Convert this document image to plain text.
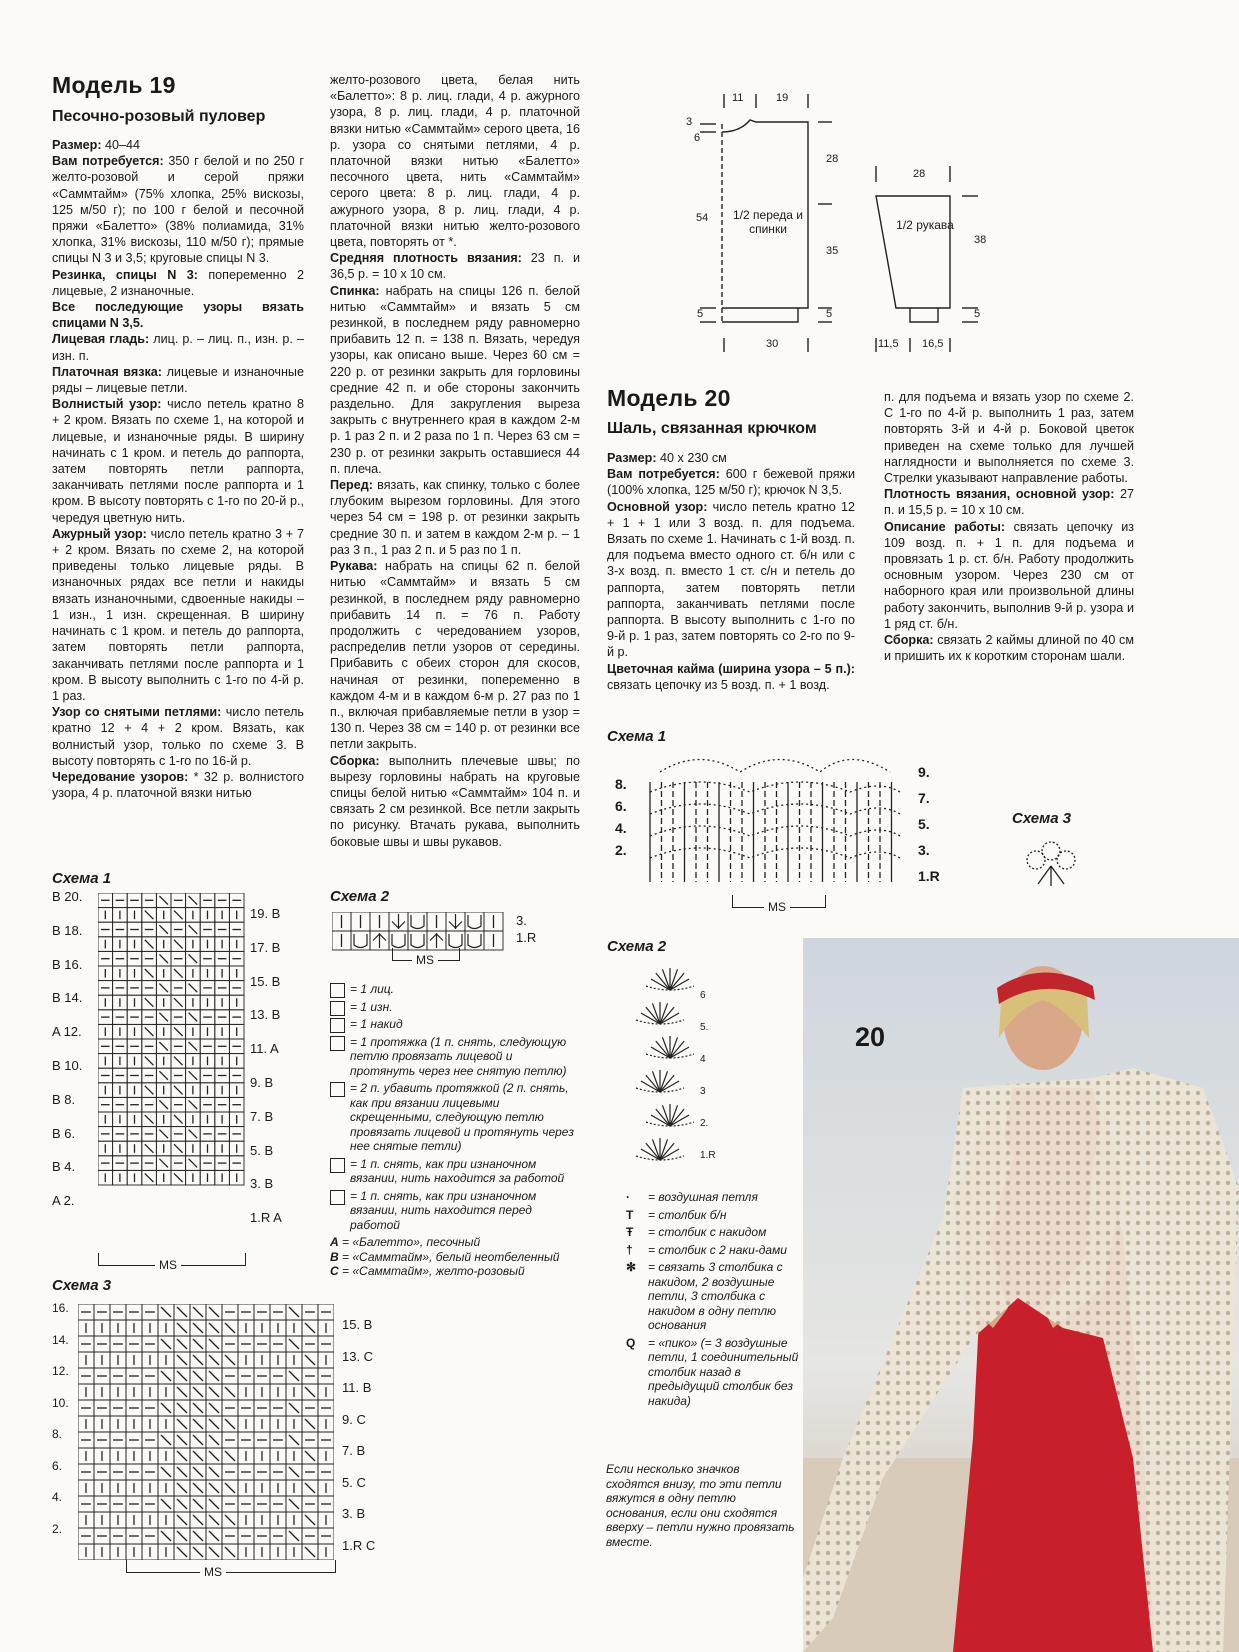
Модель 19
Песочно-розовый пуловер

Размер: 40–44

Вам потребуется: 350 г белой и по 250 г желто-розовой и серой пряжи «Саммтайм» (75% хлопка, 25% вискозы, 125 м/50 г); по 100 г белой и песочной пряжи «Балетто» (38% полиамида, 31% хлопка, 31% вискозы, 110 м/50 г); прямые спицы N 3 и 3,5; круговые спицы N 3.

Резинка, спицы N 3: попеременно 2 лицевые, 2 изнаночные.

Все последующие узоры вязать спицами N 3,5.

Лицевая гладь: лиц. р. – лиц. п., изн. р. – изн. п.

Платочная вязка: лицевые и изнаночные ряды – лицевые петли.

Волнистый узор: число петель кратно 8 + 2 кром. Вязать по схеме 1, на которой и лицевые, и изнаночные ряды. В ширину начинать с 1 кром. и петель до раппорта, затем повторять петли раппорта, заканчивать петлями после раппорта и 1 кром. В высоту повторять с 1-го по 20-й р., чередуя цветную нить.

Ажурный узор: число петель кратно 3 + 7 + 2 кром. Вязать по схеме 2, на которой приведены только лицевые ряды. В изнаночных рядах все петли и накиды вязать изнаночными, сдвоенные накиды – 1 изн., 1 изн. скрещенная. В ширину начинать с 1 кром. и петель до раппорта, затем повторять петли раппорта, заканчивать петлями после раппорта и 1 кром. В высоту выполнить с 1-го по 4-й р. 1 раз.

Узор со снятыми петлями: число петель кратно 12 + 4 + 2 кром. Вязать, как волнистый узор, только по схеме 3. В высоту повторять с 1-го по 16-й р.

Чередование узоров: * 32 р. волнистого узора, 4 р. платочной вязки нитью

желто-розового цвета, белая нить «Балетто»: 8 р. лиц. глади, 4 р. ажурного узора, 8 р. лиц. глади, 4 р. платочной вязки нитью «Саммтайм» серого цвета, 16 р. узора со снятыми петлями, 4 р. платочной вязки нитью «Балетто» песочного цвета, нить «Саммтайм» серого цвета: 8 р. лиц. глади, 4 р. ажурного узора, 8 р. лиц. глади, 4 р. платочной вязки нитью желто-розового цвета, повторять от *.

Средняя плотность вязания: 23 п. и 36,5 р. = 10 x 10 см.

Спинка: набрать на спицы 126 п. белой нитью «Саммтайм» и вязать 5 см резинкой, в последнем ряду равномерно прибавить 12 п. = 138 п. Вязать, чередуя узоры, как описано выше. Через 60 см = 220 р. от резинки закрыть для горловины средние 42 п. и обе стороны закончить раздельно. Для закругления выреза закрыть с внутреннего края в каждом 2-м р. 1 раз 2 п. и 2 раза по 1 п. Через 63 см = 230 р. от резинки закрыть оставшиеся 44 п. плеча.

Перед: вязать, как спинку, только с более глубоким вырезом горловины. Для этого через 54 см = 198 р. от резинки закрыть средние 30 п. и затем в каждом 2-м р. – 1 раз 3 п., 1 раз 2 п. и 5 раз по 1 п.

Рукава: набрать на спицы 62 п. белой нитью «Саммтайм» и вязать 5 см резинкой, в последнем ряду равномерно прибавить 14 п. = 76 п. Работу продолжить с чередованием узоров, распределив петли узоров от середины. Прибавить с обеих сторон для скосов, начиная от резинки, попеременно в каждом 4-м и в каждом 6-м р. 27 раз по 1 п., включая прибавляемые петли в узор = 130 п. Через 38 см = 140 р. от резинки все петли закрыть.

Сборка: выполнить плечевые швы; по вырезу горловины набрать на круговые спицы белой нитью «Саммтайм» 104 п. и связать 2 см резинкой. Все петли закрыть по рисунку. Втачать рукава, выполнить боковые швы и швы рукавов.

Схема 1
B 20.
B 18.
B 16.
B 14.
A 12.
B 10.
B 8.
B 6.
B 4.
A 2.
19. B
17. B
15. B
13. B
11. A
9. B
7. B
5. B
3. B
1.R A
MS
Схема 3
16.
14.
12.
10.
8.
6.
4.
2.
15. B
13. C
11. B
9. C
7. B
5. C
3. B
1.R C
MS
Схема 2
3.
1.R
MS
= 1 лиц.
= 1 изн.
= 1 накид
= 1 протяжка (1 п. снять, следующую петлю провязать лицевой и протянуть через нее снятую петлю)
= 2 п. убавить протяжкой (2 п. снять, как при вязании лицевыми скрещенными, следующую петлю провязать лицевой и протянуть через нее снятые петли)
= 1 п. снять, как при изнаночном вязании, нить находится за работой
= 1 п. снять, как при изнаночном вязании, нить находится перед работой
A = «Балетто», песочный
B = «Саммтайм», белый неотбеленный
C = «Саммтайм», желто-розовый
11	19
3
6
28
54
35
5	5
30
1/2 переда и спинки
28
38
5
11,5 16,5
1/2 рукава
Модель 20
Шаль, связанная крючком

Размер: 40 x 230 см

Вам потребуется: 600 г бежевой пряжи (100% хлопка, 125 м/50 г); крючок N 3,5.

Основной узор: число петель кратно 12 + 1 + 1 или 3 возд. п. для подъема. Вязать по схеме 1. Начинать с 1-й возд. п. для подъема вместо одного ст. б/н или с 3-х возд. п. вместо 1 ст. с/н и петель до раппорта, затем повторять петли раппорта, заканчивать петлями после раппорта. В высоту выполнить с 1-го по 9-й р. 1 раз, затем повторять со 2-го по 9-й р.

Цветочная кайма (ширина узора – 5 п.): связать цепочку из 5 возд. п. + 1 возд.

п. для подъема и вязать узор по схеме 2. С 1-го по 4-й р. выполнить 1 раз, затем повторять 3-й и 4-й р. Боковой цветок приведен на схеме только для лучшей наглядности и выполняется по схеме 3. Стрелки указывают направление работы.

Плотность вязания, основной узор: 27 п. и 15,5 р. = 10 x 10 см.

Описание работы: связать цепочку из 109 возд. п. + 1 п. для подъема и провязать 1 р. ст. б/н. Работу продолжить основным узором. Через 230 см от наборного края или произвольной длины работу закончить, выполнив 9-й р. узора и 1 ряд ст. б/н.

Сборка: связать 2 каймы длиной по 40 см и пришить их к коротким сторонам шали.

Схема 1
8.
6.
4.
2.
9.
7.
5.
3.
1.R
MS
Схема 3
Схема 2
6
5.
4
3
2.
1.R
· = воздушная петля
T = столбик б/н
Ŧ = столбик с накидом
† = столбик с 2 наки-дами
✻ = связать 3 столбика с накидом, 2 воздушные петли, 3 столбика с накидом в одну петлю основания
Q = «пико» (= 3 воздушные петли, 1 соединительный столбик назад в предыдущий столбик без накида)
Если несколько значков сходятся внизу, то эти петли вяжутся в одну петлю основания, если они сходятся вверху – петли нужно провязать вместе.
20
